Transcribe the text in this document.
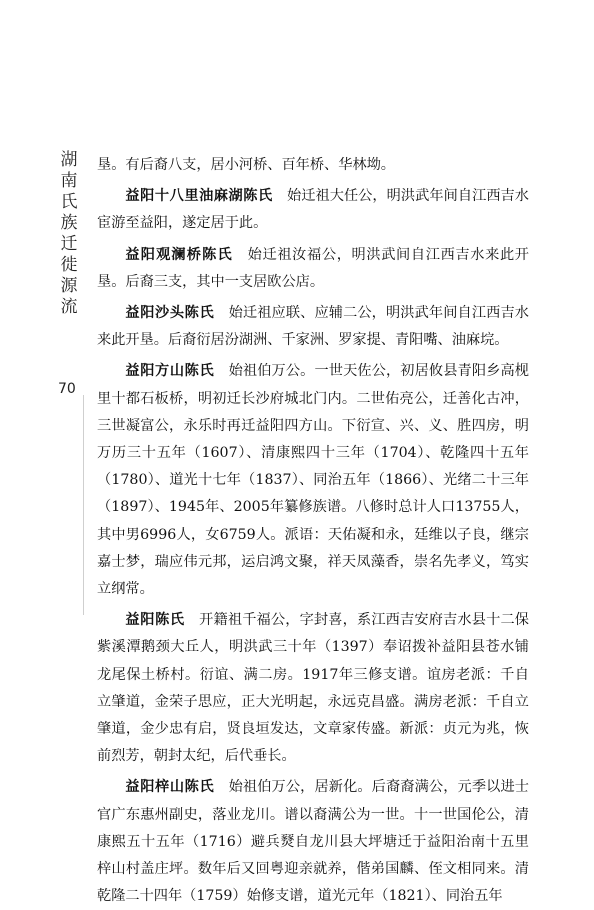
湖南氏族迁徙源流
70

垦。有后裔八支，居小河桥、百年桥、华林坳。

益阳十八里油麻湖陈氏  始迁祖大任公，明洪武年间自江西吉水宦游至益阳，遂定居于此。

益阳观澜桥陈氏  始迁祖汝福公，明洪武间自江西吉水来此开垦。后裔三支，其中一支居欧公店。

益阳沙头陈氏  始迁祖应联、应辅二公，明洪武年间自江西吉水来此开垦。后裔衍居汾湖洲、千家洲、罗家提、青阳嘴、油麻垸。

益阳方山陈氏  始祖伯万公。一世天佐公，初居攸县青阳乡高枧里十都石板桥，明初迁长沙府城北门内。二世佑亮公，迁善化古冲，三世凝富公，永乐时再迁益阳四方山。下衍宣、兴、义、胜四房，明万历三十五年（1607）、清康熙四十三年（1704）、乾隆四十五年（1780）、道光十七年（1837）、同治五年（1866）、光绪二十三年（1897）、1945年、2005年纂修族谱。八修时总计人口13755人，其中男6996人，女6759人。派语：天佑凝和永，廷维以子良，继宗嘉士梦，瑞应伟元邦，运启鸿文聚，祥天凤藻香，崇名先孝义，笃实立纲常。

益阳陈氏  开籍祖千福公，字封喜，系江西吉安府吉水县十二保紫溪潭鹅颈大丘人，明洪武三十年（1397）奉诏拨补益阳县苍水铺龙尾保土桥村。衍谊、满二房。1917年三修支谱。谊房老派：千自立肇道，金荣子思应，正大光明起，永远克昌盛。满房老派：千自立肇道，金少忠有启，贤良垣发达，文章家传盛。新派：贞元为兆，恢前烈芳，朝封太纪，后代垂长。

益阳梓山陈氏  始祖伯万公，居新化。后裔裔满公，元季以进士官广东惠州副史，落业龙川。谱以裔满公为一世。十一世国伦公，清康熙五十五年（1716）避兵燹自龙川县大坪塘迁于益阳治南十五里梓山村盖庄坪。数年后又回粤迎亲就养，偕弟国麟、侄文相同来。清乾隆二十四年（1759）始修支谱，道光元年（1821）、同治五年
